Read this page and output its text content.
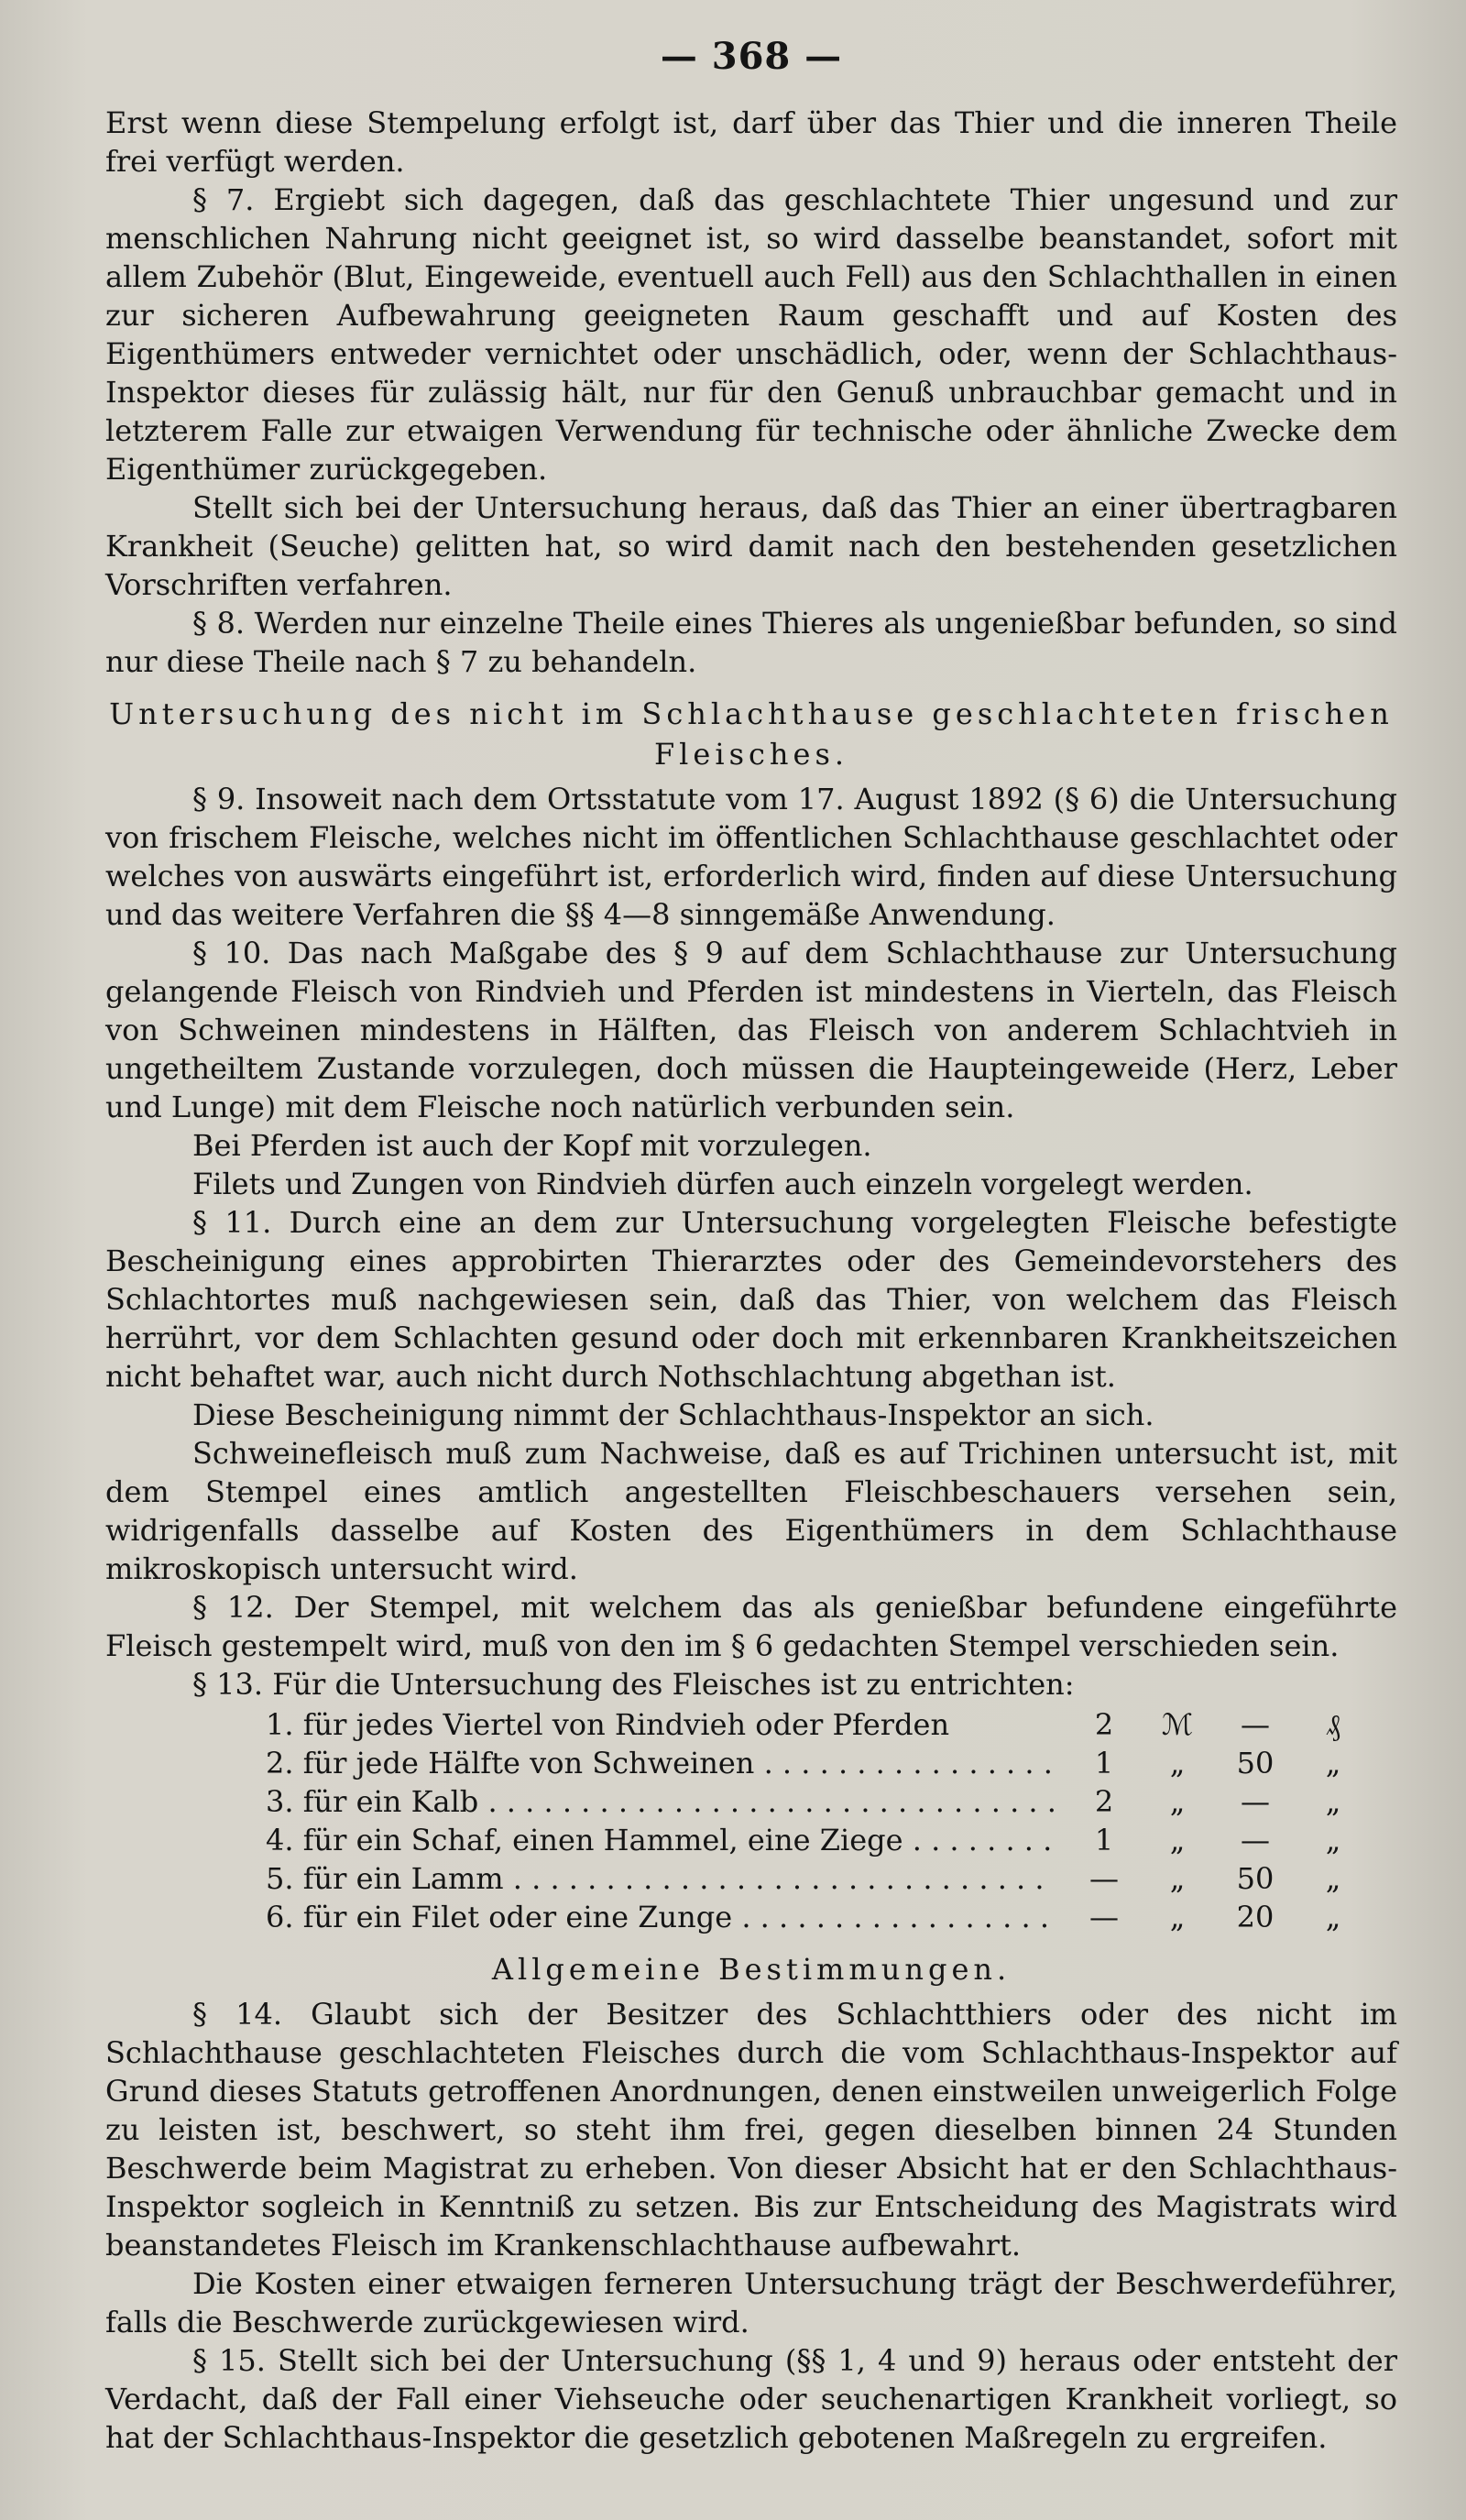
— 368 —

Erst wenn diese Stempelung erfolgt ist, darf über das Thier und die inneren Theile frei verfügt werden.

§ 7. Ergiebt sich dagegen, daß das geschlachtete Thier ungesund und zur menschlichen Nahrung nicht geeignet ist, so wird dasselbe beanstandet, sofort mit allem Zubehör (Blut, Eingeweide, eventuell auch Fell) aus den Schlachthallen in einen zur sicheren Aufbewahrung geeigneten Raum geschafft und auf Kosten des Eigenthümers entweder vernichtet oder unschädlich, oder, wenn der Schlachthaus-Inspektor dieses für zulässig hält, nur für den Genuß unbrauchbar gemacht und in letzterem Falle zur etwaigen Verwendung für technische oder ähnliche Zwecke dem Eigenthümer zurückgegeben.

Stellt sich bei der Untersuchung heraus, daß das Thier an einer übertragbaren Krankheit (Seuche) gelitten hat, so wird damit nach den bestehenden gesetzlichen Vorschriften verfahren.

§ 8. Werden nur einzelne Theile eines Thieres als ungenießbar befunden, so sind nur diese Theile nach § 7 zu behandeln.

Untersuchung des nicht im Schlachthause geschlachteten frischen Fleisches.

§ 9. Insoweit nach dem Ortsstatute vom 17. August 1892 (§ 6) die Untersuchung von frischem Fleische, welches nicht im öffentlichen Schlachthause geschlachtet oder welches von auswärts eingeführt ist, erforderlich wird, finden auf diese Untersuchung und das weitere Verfahren die §§ 4—8 sinngemäße Anwendung.

§ 10. Das nach Maßgabe des § 9 auf dem Schlachthause zur Untersuchung gelangende Fleisch von Rindvieh und Pferden ist mindestens in Vierteln, das Fleisch von Schweinen mindestens in Hälften, das Fleisch von anderem Schlachtvieh in ungetheiltem Zustande vorzulegen, doch müssen die Haupteingeweide (Herz, Leber und Lunge) mit dem Fleische noch natürlich verbunden sein.

Bei Pferden ist auch der Kopf mit vorzulegen.

Filets und Zungen von Rindvieh dürfen auch einzeln vorgelegt werden.

§ 11. Durch eine an dem zur Untersuchung vorgelegten Fleische befestigte Bescheinigung eines approbirten Thierarztes oder des Gemeindevorstehers des Schlachtortes muß nachgewiesen sein, daß das Thier, von welchem das Fleisch herrührt, vor dem Schlachten gesund oder doch mit erkennbaren Krankheitszeichen nicht behaftet war, auch nicht durch Nothschlachtung abgethan ist.

Diese Bescheinigung nimmt der Schlachthaus-Inspektor an sich.

Schweinefleisch muß zum Nachweise, daß es auf Trichinen untersucht ist, mit dem Stempel eines amtlich angestellten Fleischbeschauers versehen sein, widrigenfalls dasselbe auf Kosten des Eigenthümers in dem Schlachthause mikroskopisch untersucht wird.

§ 12. Der Stempel, mit welchem das als genießbar befundene eingeführte Fleisch gestempelt wird, muß von den im § 6 gedachten Stempel verschieden sein.

§ 13. Für die Untersuchung des Fleisches ist zu entrichten:

1. für jedes Viertel von Rindvieh oder Pferden	2	ℳ	—	₰
2. für jede Hälfte von Schweinen . . .	1	„	50	„
3. für ein Kalb . . .	2	„	—	„
4. für ein Schaf, einen Hammel, eine Ziege . . .	1	„	—	„
5. für ein Lamm . . .	—	„	50	„
6. für ein Filet oder eine Zunge . . .	—	„	20	„
Allgemeine Bestimmungen.

§ 14. Glaubt sich der Besitzer des Schlachtthiers oder des nicht im Schlachthause geschlachteten Fleisches durch die vom Schlachthaus-Inspektor auf Grund dieses Statuts getroffenen Anordnungen, denen einstweilen unweigerlich Folge zu leisten ist, beschwert, so steht ihm frei, gegen dieselben binnen 24 Stunden Beschwerde beim Magistrat zu erheben. Von dieser Absicht hat er den Schlachthaus-Inspektor sogleich in Kenntniß zu setzen. Bis zur Entscheidung des Magistrats wird beanstandetes Fleisch im Krankenschlachthause aufbewahrt.

Die Kosten einer etwaigen ferneren Untersuchung trägt der Beschwerdeführer, falls die Beschwerde zurückgewiesen wird.

§ 15. Stellt sich bei der Untersuchung (§§ 1, 4 und 9) heraus oder entsteht der Verdacht, daß der Fall einer Viehseuche oder seuchenartigen Krankheit vorliegt, so hat der Schlachthaus-Inspektor die gesetzlich gebotenen Maßregeln zu ergreifen.
